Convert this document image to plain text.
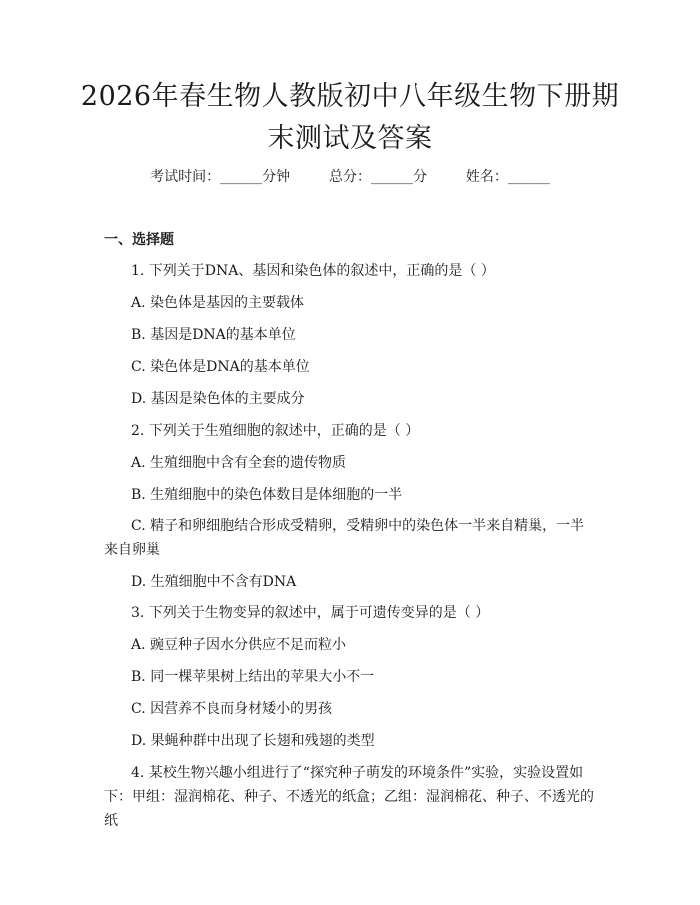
2026年春生物人教版初中八年级生物下册期
末测试及答案
考试时间：______分钟	总分：______分	姓名：______
一、选择题

1. 下列关于DNA、基因和染色体的叙述中，正确的是（ ）

A. 染色体是基因的主要载体

B. 基因是DNA的基本单位

C. 染色体是DNA的基本单位

D. 基因是染色体的主要成分

2. 下列关于生殖细胞的叙述中，正确的是（ ）

A. 生殖细胞中含有全套的遗传物质

B. 生殖细胞中的染色体数目是体细胞的一半

C. 精子和卵细胞结合形成受精卵，受精卵中的染色体一半来自精巢，一半来自卵巢

D. 生殖细胞中不含有DNA

3. 下列关于生物变异的叙述中，属于可遗传变异的是（ ）

A. 豌豆种子因水分供应不足而粒小

B. 同一棵苹果树上结出的苹果大小不一

C. 因营养不良而身材矮小的男孩

D. 果蝇种群中出现了长翅和残翅的类型

4. 某校生物兴趣小组进行了“探究种子萌发的环境条件”实验，实验设置如下：甲组：湿润棉花、种子、不透光的纸盒；乙组：湿润棉花、种子、不透光的纸
